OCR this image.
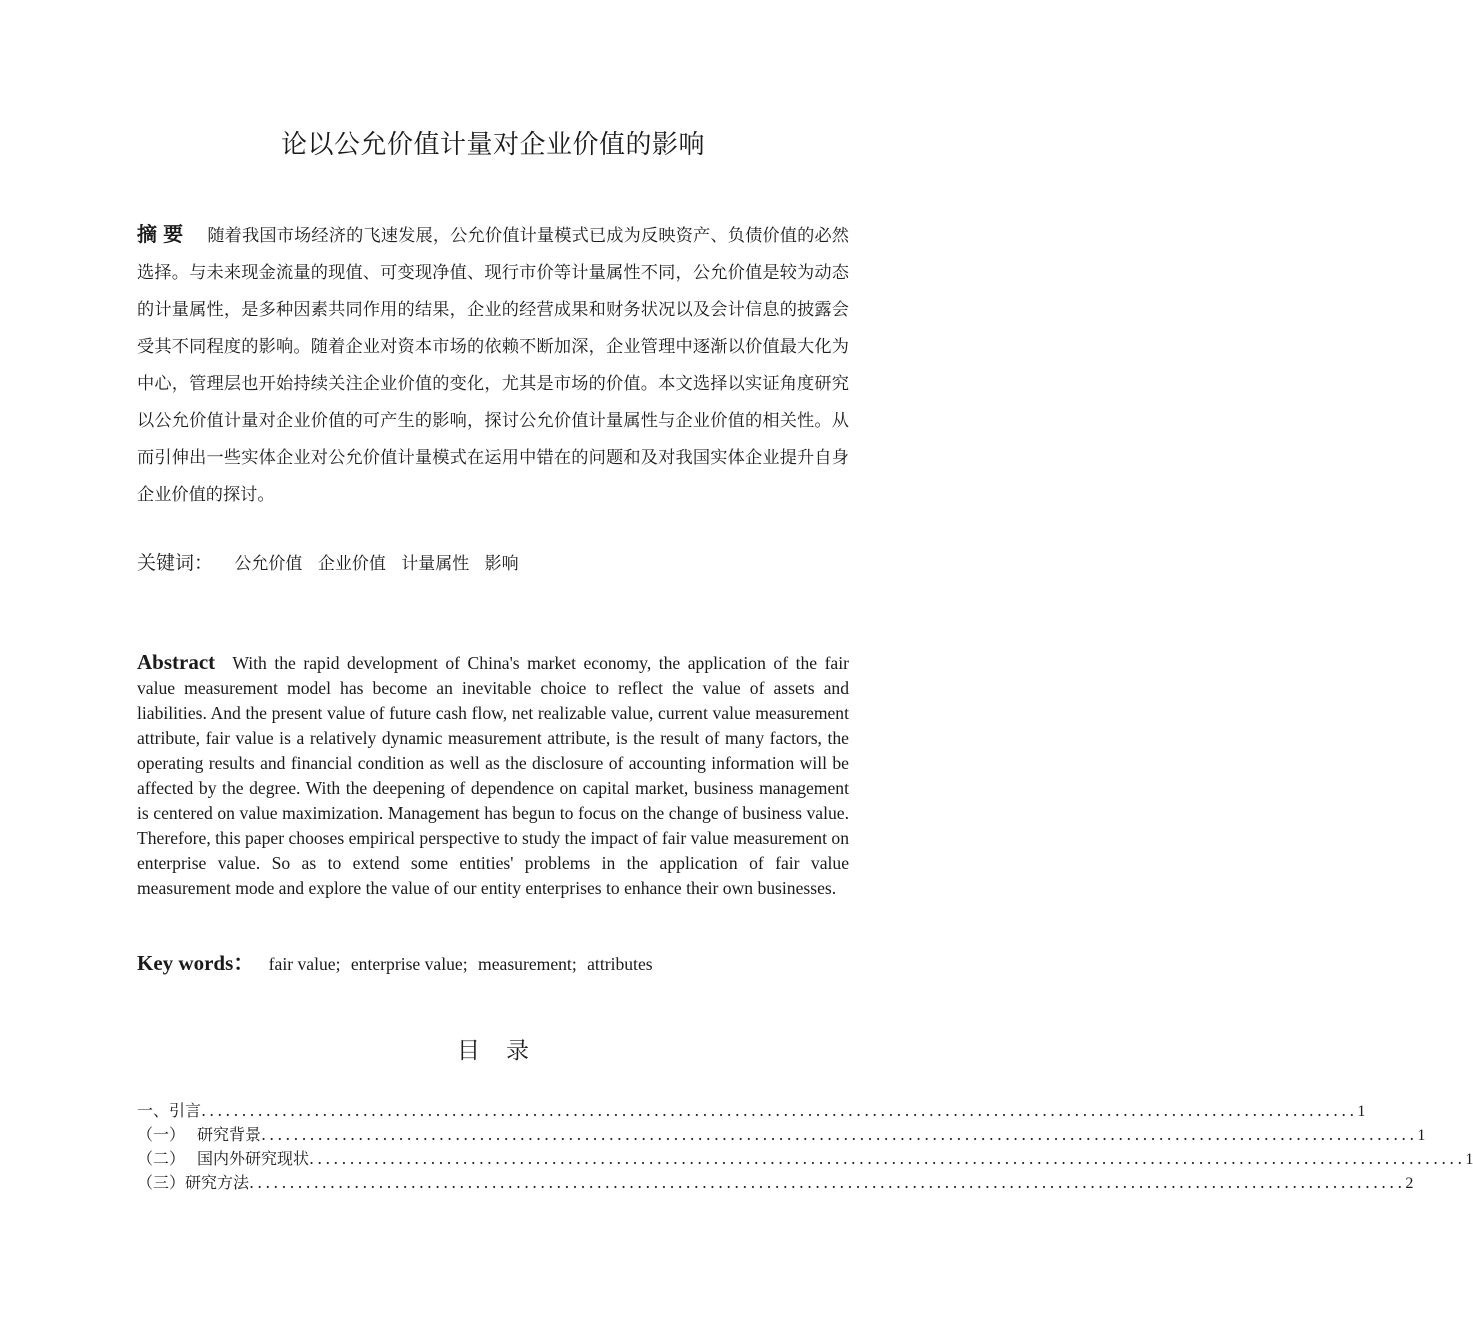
论以公允价值计量对企业价值的影响
摘要 随着我国市场经济的飞速发展，公允价值计量模式已成为反映资产、负债价值的必然选择。与未来现金流量的现值、可变现净值、现行市价等计量属性不同，公允价值是较为动态的计量属性，是多种因素共同作用的结果，企业的经营成果和财务状况以及会计信息的披露会受其不同程度的影响。随着企业对资本市场的依赖不断加深，企业管理中逐渐以价值最大化为中心，管理层也开始持续关注企业价值的变化，尤其是市场的价值。本文选择以实证角度研究以公允价值计量对企业价值的可产生的影响，探讨公允价值计量属性与企业价值的相关性。从而引伸出一些实体企业对公允价值计量模式在运用中错在的问题和及对我国实体企业提升自身企业价值的探讨。
关键词： 公允价值 企业价值 计量属性 影响
Abstract With the rapid development of China's market economy, the application of the fair value measurement model has become an inevitable choice to reflect the value of assets and liabilities. And the present value of future cash flow, net realizable value, current value measurement attribute, fair value is a relatively dynamic measurement attribute, is the result of many factors, the operating results and financial condition as well as the disclosure of accounting information will be affected by the degree. With the deepening of dependence on capital market, business management is centered on value maximization. Management has begun to focus on the change of business value. Therefore, this paper chooses empirical perspective to study the impact of fair value measurement on enterprise value. So as to extend some entities' problems in the application of fair value measurement mode and explore the value of our entity enterprises to enhance their own businesses.
Key words： fair value; enterprise value; measurement; attributes
目录
一、引言 ............................................................................................................................................... 1
（一） 研究背景 ............................................................................................................................................... 1
（二） 国内外研究现状 ............................................................................................................................................... 1
（三）研究方法 ............................................................................................................................................... 2
